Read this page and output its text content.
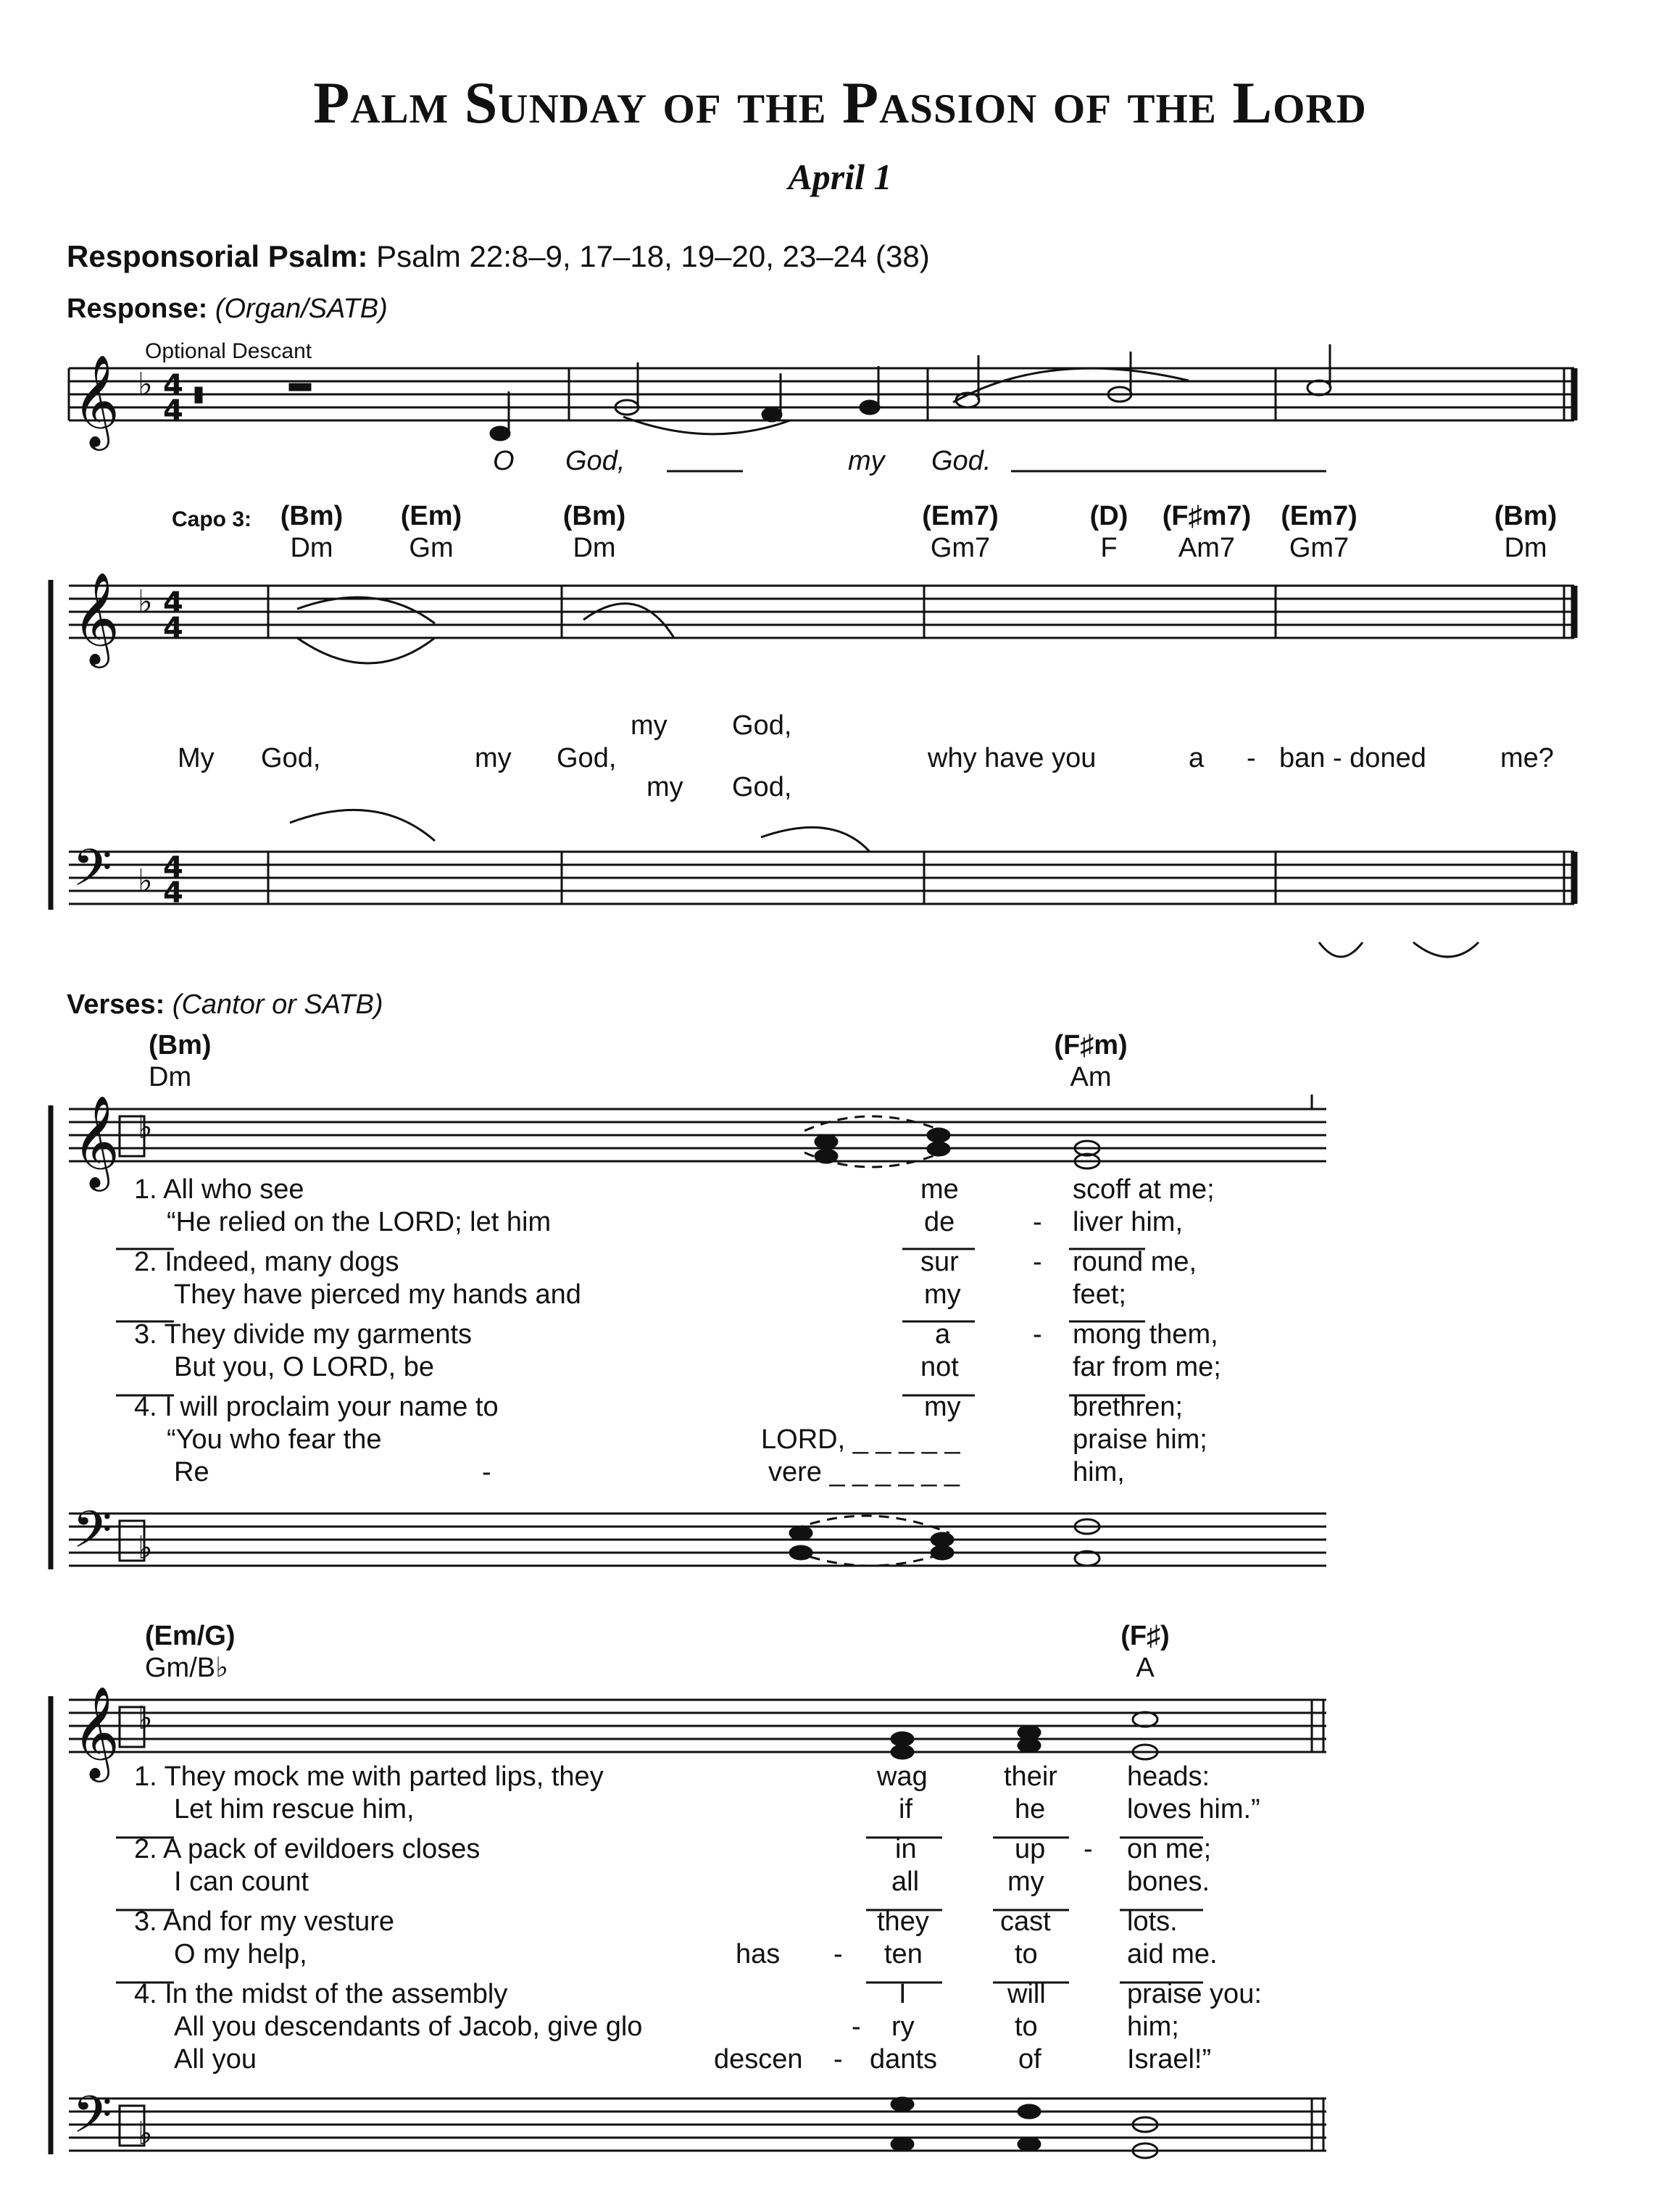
Palm Sunday of the Passion of the Lord
April 1
Responsorial Psalm: Psalm 22:8–9, 17–18, 19–20, 23–24 (38)
Response: (Organ/SATB)
Optional Descant
𝄞 ♭ 4
4
𝄞 ♭ 4
4
𝄢 ♭ 4
4
𝄞 ♭
𝄢 ♭
𝄞 ♭
𝄢 ♭
O God,	my God.
Capo 3:	(Bm)
Dm
(Em)
Gm
(Bm)
Dm
(Em7)
Gm7
(D)
F
(F♯m7)
Am7
(Em7)
Gm7
(Bm)
Dm
my God,
My God,	my God,	why have you	a - ban - doned	me?
my God,
Verses: (Cantor or SATB)
(Bm)
Dm
(F♯m)
Am
1. All who see	me	scoff at me;
“He relied on the LORD; let him	de	- liver him,
2. Indeed, many dogs	sur	- round me,
They have pierced my hands and	my	feet;
3. They divide my garments	a	- mong them,
But you, O LORD, be	not	far from me;
4. I will proclaim your name to	my	brethren;
“You who fear the	LORD, _ _ _ _ _	praise him;
Re	-	vere _ _ _ _ _ _	him,
(Em/G)
Gm/B♭
(F♯)
A
1. They mock me with parted lips, they	wag	their	heads:
Let him rescue him,	if	he	loves him.”
2. A pack of evildoers closes	in	up - on me;
I can count	all	my	bones.
3. And for my vesture	they	cast	lots.
O my help,	has - ten	to	aid me.
4. In the midst of the assembly	I	will	praise you:
All you descendants of Jacob, give glo	- ry	to	him;
All you	descen - dants	of	Israel!”
